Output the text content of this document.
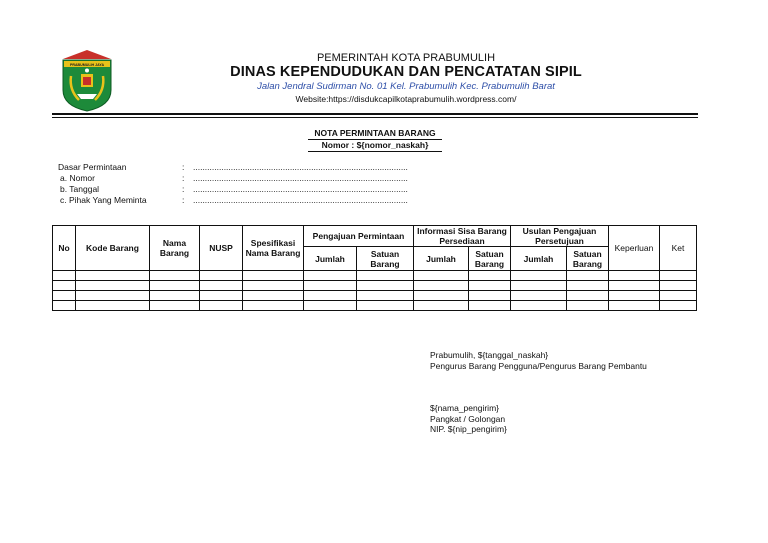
PRABUMULIH JAYA
PEMERINTAH KOTA PRABUMULIH
DINAS KEPENDUDUKAN DAN PENCATATAN SIPIL
Jalan Jendral Sudirman No. 01 Kel. Prabumulih Kec. Prabumulih Barat
Website:https://disdukcapilkotaprabumulih.wordpress.com/
NOTA PERMINTAAN BARANG
Nomor : ${nomor_naskah}
Dasar Permintaan	: ...........................................................................................
a. Nomor	: ...........................................................................................
b. Tanggal	: ...........................................................................................
c. Pihak Yang Meminta	: ...........................................................................................
No	Kode Barang	Nama Barang	NUSP	Spesifikasi Nama Barang	Pengajuan Permintaan		Informasi Sisa Barang Persediaan		Usulan Pengajuan Persetujuan		Keperluan	Ket
					Jumlah	Satuan Barang	Jumlah	Satuan Barang	Jumlah	Satuan Barang		

Prabumulih, ${tanggal_naskah}
Pengurus Barang Pengguna/Pengurus Barang Pembantu
${nama_pengirim}
Pangkat / Golongan
NIP. ${nip_pengirim}
